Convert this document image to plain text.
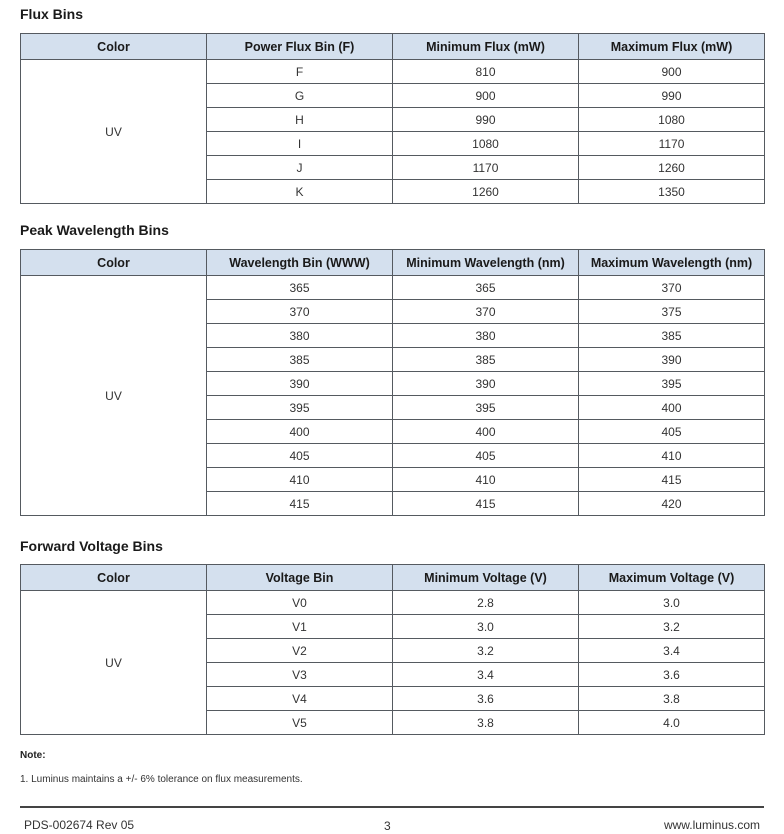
Flux Bins
Color	Power Flux Bin (F)	Minimum Flux (mW)	Maximum Flux (mW)
UV	F	810	900
	G	900	990
	H	990	1080
	I	1080	1170
	J	1170	1260
	K	1260	1350
Peak Wavelength Bins
Color	Wavelength Bin (WWW)	Minimum Wavelength (nm)	Maximum Wavelength (nm)
UV	365	365	370
	370	370	375
	380	380	385
	385	385	390
	390	390	395
	395	395	400
	400	400	405
	405	405	410
	410	410	415
	415	415	420
Forward Voltage Bins
Color	Voltage Bin	Minimum Voltage (V)	Maximum Voltage (V)
UV	V0	2.8	3.0
	V1	3.0	3.2
	V2	3.2	3.4
	V3	3.4	3.6
	V4	3.6	3.8
	V5	3.8	4.0
Note:
1. Luminus maintains a +/- 6% tolerance on flux measurements.
PDS-002674 Rev 05	3	www.luminus.com
